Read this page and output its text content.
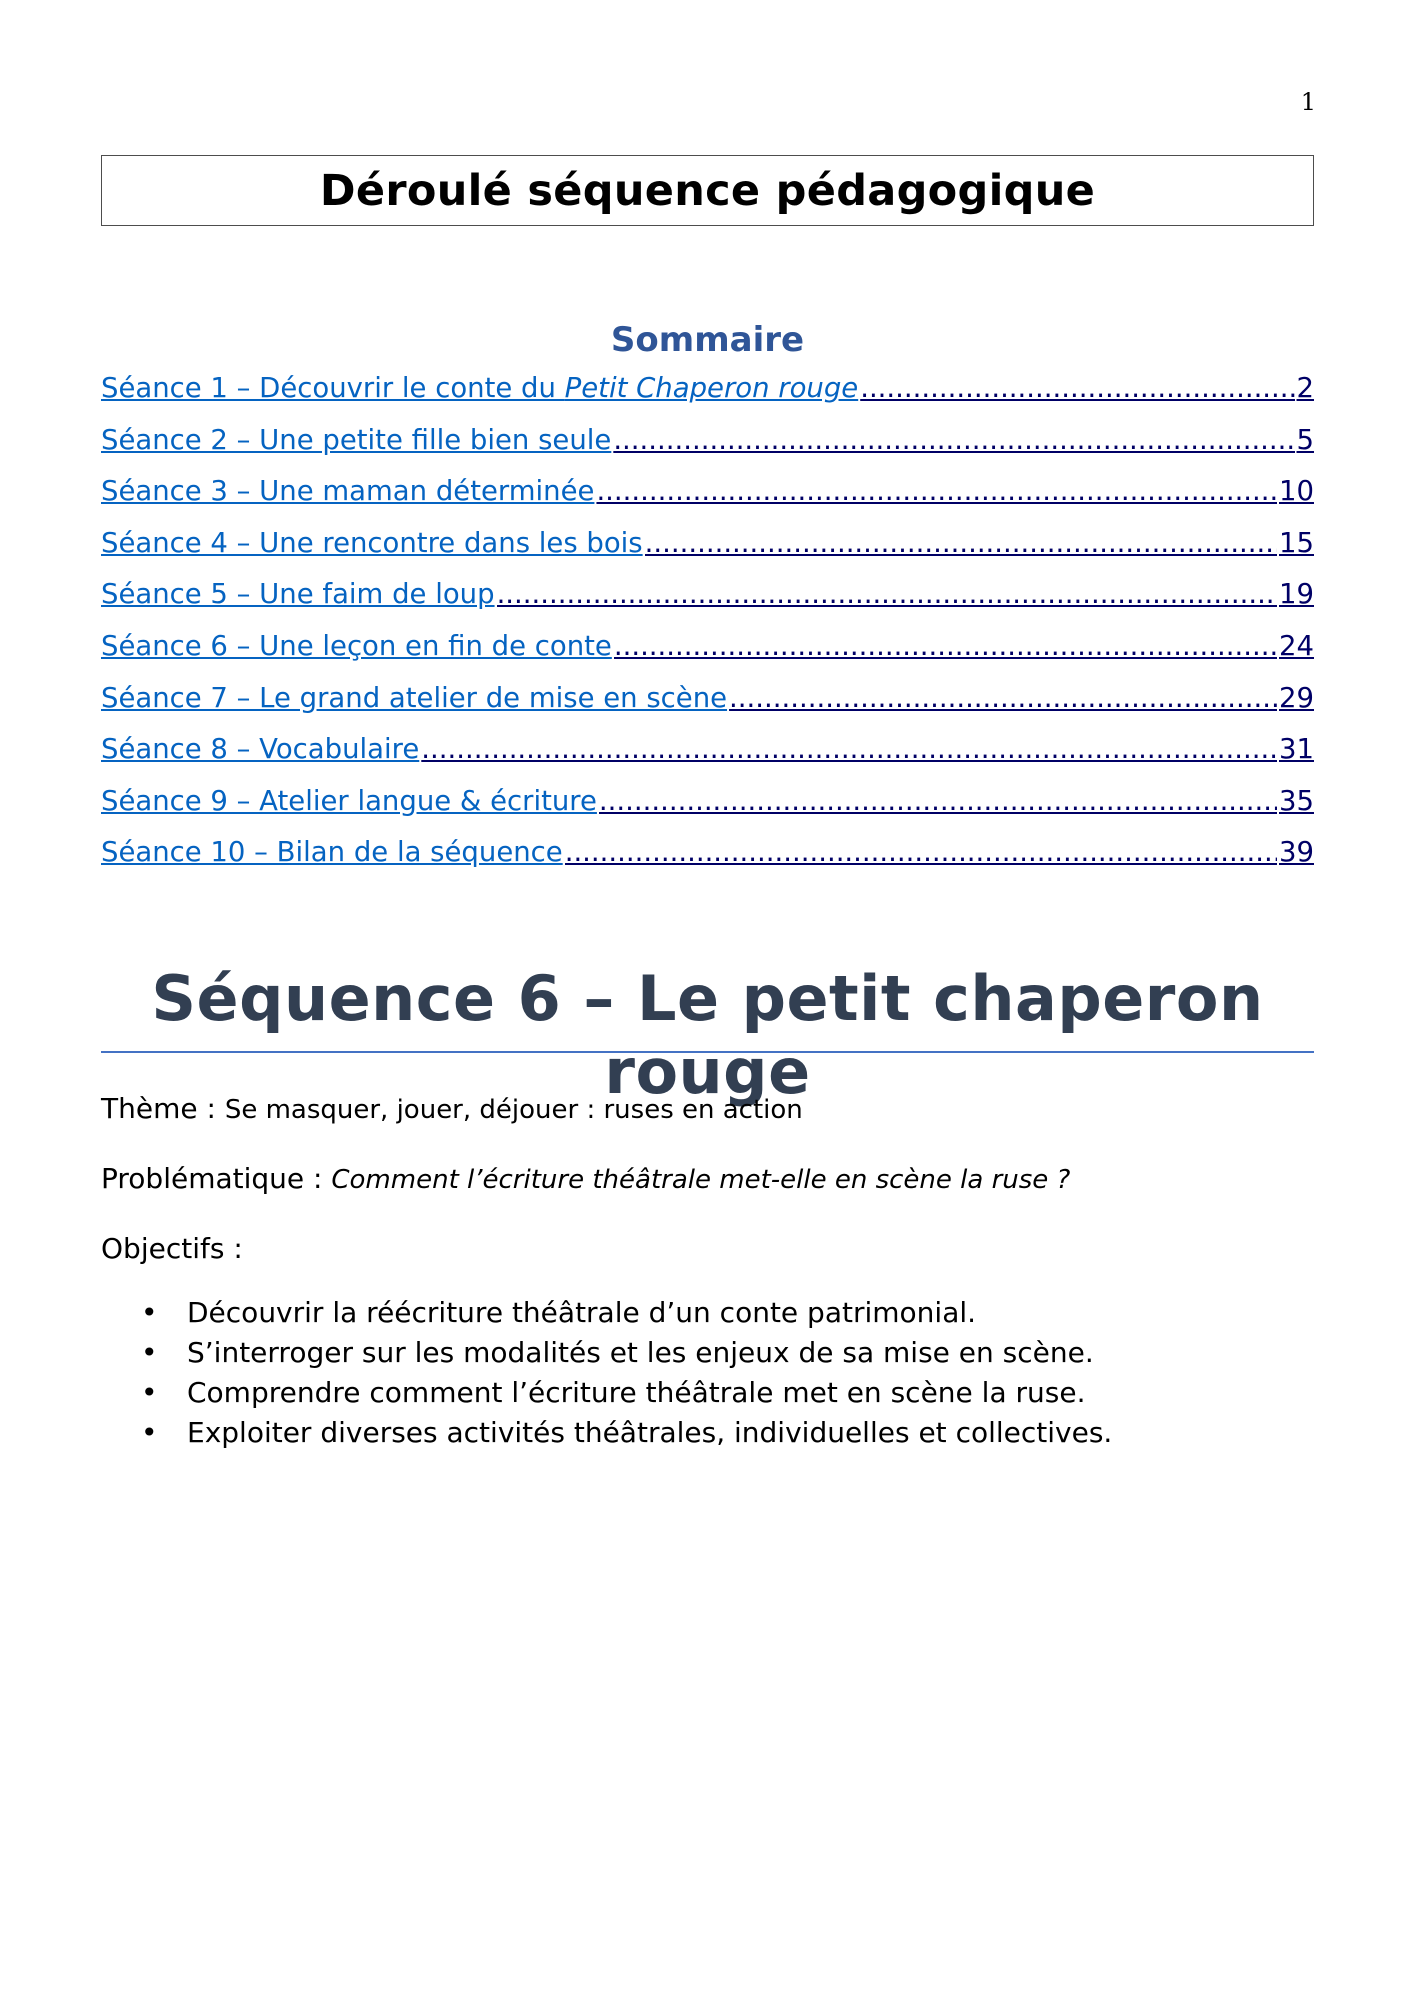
1
Déroulé séquence pédagogique
Sommaire
Séance 1 – Découvrir le conte du Petit Chaperon rouge .....	2
Séance 2 – Une petite fille bien seule .....	5
Séance 3 – Une maman déterminée .....	10
Séance 4 – Une rencontre dans les bois .....	15
Séance 5 – Une faim de loup .....	19
Séance 6 – Une leçon en fin de conte .....	24
Séance 7 – Le grand atelier de mise en scène .....	29
Séance 8 – Vocabulaire .....	31
Séance 9 – Atelier langue & écriture .....	35
Séance 10 – Bilan de la séquence .....	39
Séquence 6 – Le petit chaperon rouge
Thème : Se masquer, jouer, déjouer : ruses en action
Problématique : Comment l’écriture théâtrale met-elle en scène la ruse ?
Objectifs :
• Découvrir la réécriture théâtrale d’un conte patrimonial.
• S’interroger sur les modalités et les enjeux de sa mise en scène.
• Comprendre comment l’écriture théâtrale met en scène la ruse.
• Exploiter diverses activités théâtrales, individuelles et collectives.
